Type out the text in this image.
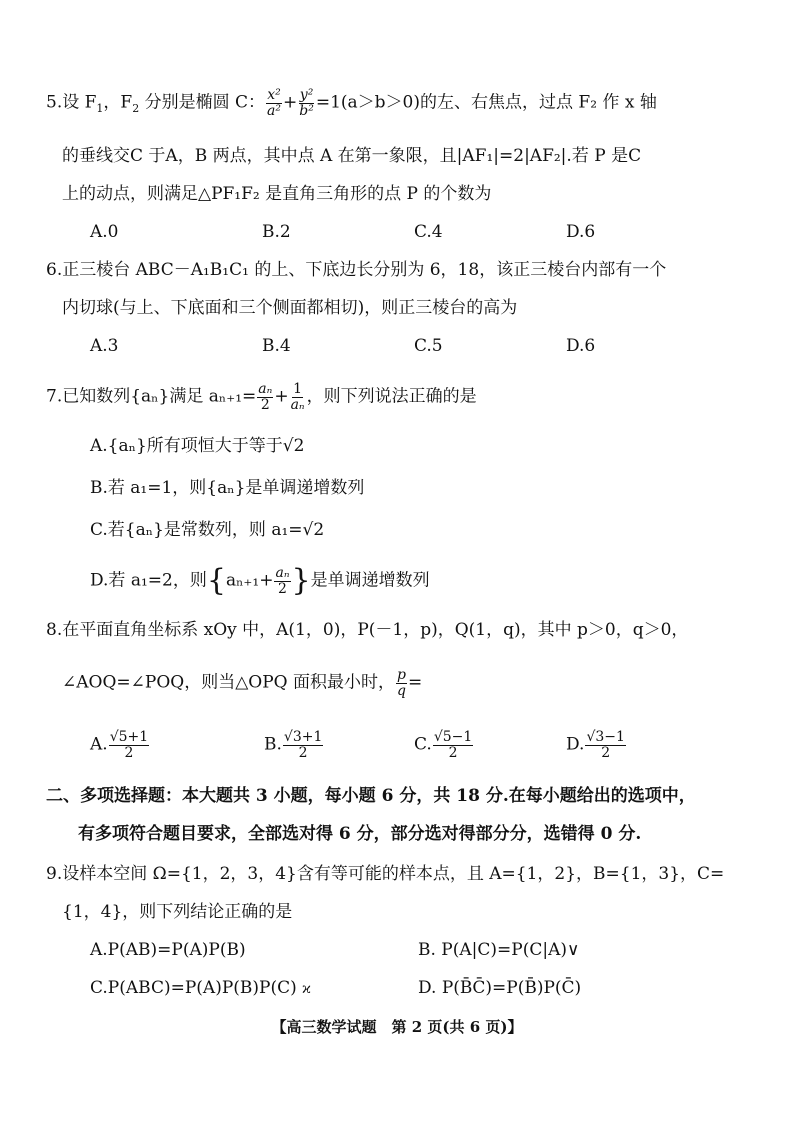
5.设 $F_1$，$F_2$ 分别是椭圆 C： $\frac{\text{x²}}{\text{a²}} + \frac{\text{y²}}{\text{b²}} =1(a>b>0)$的左、右焦点，过点 F₂ 作 x 轴
的垂线交C 于A，B 两点，其中点 A 在第一象限，且|AF₁|=2|AF₂|.若 P 是C
上的动点，则满足△PF₁F₂ 是直角三角形的点 P 的个数为
A.0	B.2	C.4	D.6
6.正三棱台 ABC－A₁B₁C₁ 的上、下底边长分别为 6，18，该正三棱台内部有一个
内切球(与上、下底面和三个侧面都相切)，则正三棱台的高为
A.3	B.4	C.5	D.6
7.已知数列{aₙ}满足 $a_{n+1}= \frac{\text{aₙ}}{2} + \frac{1}{\text{aₙ}}$ ，则下列说法正确的是
A.{aₙ}所有项恒大于等于√2
B.若 a₁=1，则{aₙ}是单调递增数列
C.若{aₙ}是常数列，则 a₁=√2
D.若 a₁=2，则{$a_{n+1}+ \frac{\text{aₙ}}{2}$ }是单调递增数列
8.在平面直角坐标系 xOy 中，A(1，0)，P(－1，p)，Q(1，q)，其中 p＞0，q＞0，
∠AOQ=∠POQ，则当△OPQ 面积最小时， $\frac{p}{q}$ =
A. $\frac{√5+1}{2}$	B. $\frac{√3+1}{2}$	C. $\frac{√5-1}{2}$	D. $\frac{√3-1}{2}$
二、多项选择题：本大题共 3 小题，每小题 6 分，共 18 分.在每小题给出的选项中，
有多项符合题目要求，全部选对得 6 分，部分选对得部分分，选错得 0 分.
9.设样本空间 Ω={1，2，3，4}含有等可能的样本点，且 A={1，2}，B={1，3}，C=
{1，4}，则下列结论正确的是
A.P(AB)=P(A)P(B)	B. P(A|C)=P(C|A)∨
C.P(ABC)=P(A)P(B)P(C) ϰ	D. P(B̄C̄)=P(B̄)P(C̄)
【高三数学试题　第 2 页(共 6 页)】
